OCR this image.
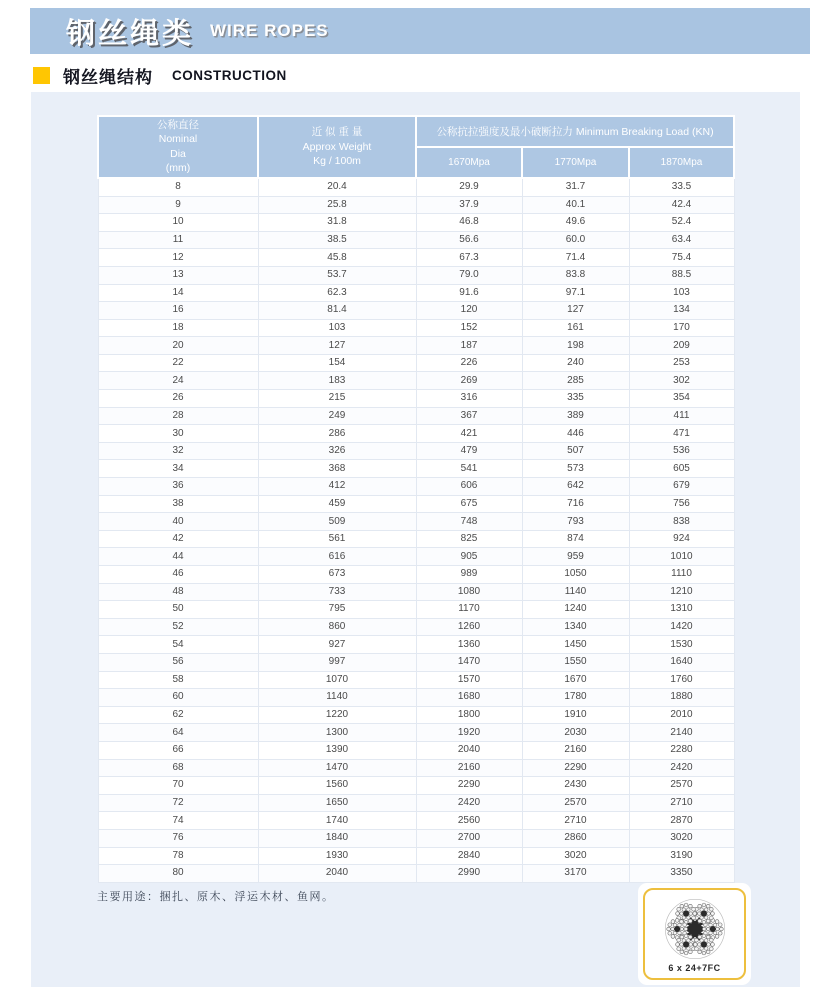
钢丝绳类 WIRE ROPES
钢丝绳结构 CONSTRUCTION
公称直径
Nominal
Dia
(mm)

近 似 重 量
Approx Weight
Kg / 100m
	公称抗拉强度及最小破断拉力 Minimum Breaking Load (KN)
		1670Mpa	1770Mpa	1870Mpa
8	20.4	29.9	31.7	33.5
9	25.8	37.9	40.1	42.4
10	31.8	46.8	49.6	52.4
11	38.5	56.6	60.0	63.4
12	45.8	67.3	71.4	75.4
13	53.7	79.0	83.8	88.5
14	62.3	91.6	97.1	103
16	81.4	120	127	134
18	103	152	161	170
20	127	187	198	209
22	154	226	240	253
24	183	269	285	302
26	215	316	335	354
28	249	367	389	411
30	286	421	446	471
32	326	479	507	536
34	368	541	573	605
36	412	606	642	679
38	459	675	716	756
40	509	748	793	838
42	561	825	874	924
44	616	905	959	1010
46	673	989	1050	1110
48	733	1080	1140	1210
50	795	1170	1240	1310
52	860	1260	1340	1420
54	927	1360	1450	1530
56	997	1470	1550	1640
58	1070	1570	1670	1760
60	1140	1680	1780	1880
62	1220	1800	1910	2010
64	1300	1920	2030	2140
66	1390	2040	2160	2280
68	1470	2160	2290	2420
70	1560	2290	2430	2570
72	1650	2420	2570	2710
74	1740	2560	2710	2870
76	1840	2700	2860	3020
78	1930	2840	3020	3190
80	2040	2990	3170	3350
主要用途：捆扎、原木、浮运木材、鱼网。
6 x 24+7FC
